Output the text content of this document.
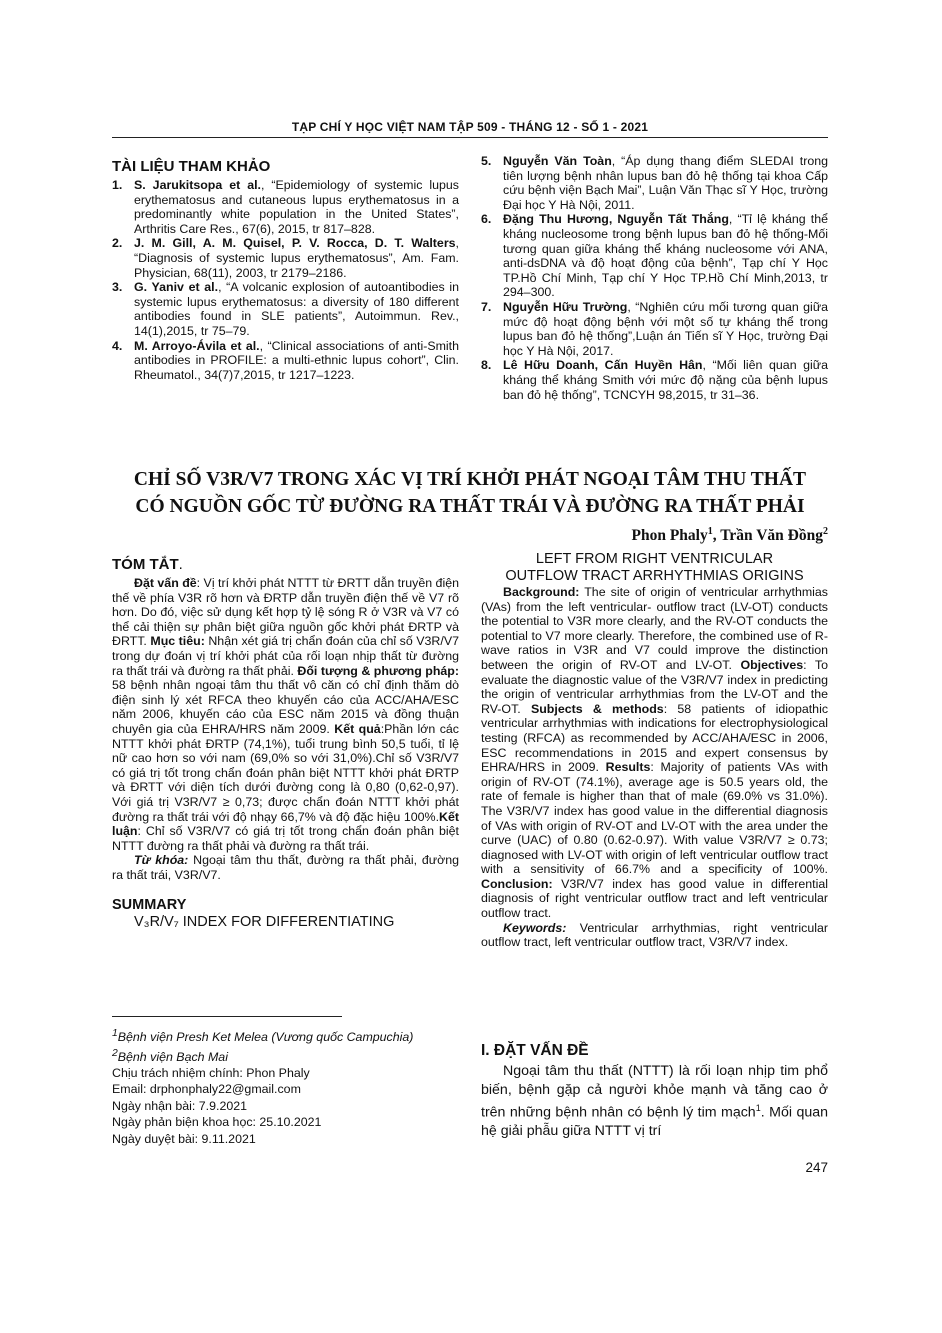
TẠP CHÍ Y HỌC VIỆT NAM TẬP 509 - THÁNG 12 - SỐ 1 - 2021
TÀI LIỆU THAM KHẢO
1. S. Jarukitsopa et al., “Epidemiology of systemic lupus erythematosus and cutaneous lupus erythematosus in a predominantly white population in the United States”, Arthritis Care Res., 67(6), 2015, tr 817–828.
2. J. M. Gill, A. M. Quisel, P. V. Rocca, D. T. Walters, “Diagnosis of systemic lupus erythematosus”, Am. Fam. Physician, 68(11), 2003, tr 2179–2186.
3. G. Yaniv et al., “A volcanic explosion of autoantibodies in systemic lupus erythematosus: a diversity of 180 different antibodies found in SLE patients”, Autoimmun. Rev., 14(1),2015, tr 75–79.
4. M. Arroyo-Ávila et al., “Clinical associations of anti-Smith antibodies in PROFILE: a multi-ethnic lupus cohort”, Clin. Rheumatol., 34(7)7,2015, tr 1217–1223.
5. Nguyễn Văn Toàn, “Áp dụng thang điểm SLEDAI trong tiên lượng bệnh nhân lupus ban đỏ hệ thống tại khoa Cấp cứu bệnh viện Bạch Mai”, Luận Văn Thạc sĩ Y Học, trường Đại học Y Hà Nội, 2011.
6. Đặng Thu Hương, Nguyễn Tất Thắng, “Tỉ lệ kháng thể kháng nucleosome trong bệnh lupus ban đỏ hệ thống-Mối tương quan giữa kháng thể kháng nucleosome với ANA, anti-dsDNA và độ hoạt động của bệnh”, Tạp chí Y Học TP.Hồ Chí Minh, Tạp chí Y Học TP.Hồ Chí Minh,2013, tr 294–300.
7. Nguyễn Hữu Trường, “Nghiên cứu mối tương quan giữa mức độ hoạt động bệnh với một số tự kháng thể trong lupus ban đỏ hệ thống”,Luận án Tiến sĩ Y Học, trường Đại học Y Hà Nội, 2017.
8. Lê Hữu Doanh, Cấn Huyền Hân, “Mối liên quan giữa kháng thể kháng Smith với mức độ nặng của bệnh lupus ban đỏ hệ thống”, TCNCYH 98,2015, tr 31–36.
CHỈ SỐ V3R/V7 TRONG XÁC VỊ TRÍ KHỞI PHÁT NGOẠI TÂM THU THẤT
CÓ NGUỒN GỐC TỪ ĐƯỜNG RA THẤT TRÁI VÀ ĐƯỜNG RA THẤT PHẢI
Phon Phaly$^1$, Trần Văn Đồng$^2$
TÓM TẮT.

Đặt vấn đề: Vị trí khởi phát NTTT từ ĐRTT dẫn truyền điện thế về phía V3R rõ hơn và ĐRTP dẫn truyền điện thế về V7 rõ hơn. Do đó, việc sử dụng kết hợp tỷ lệ sóng R ở V3R và V7 có thể cải thiện sự phân biệt giữa nguồn gốc khởi phát ĐRTP và ĐRTT. Mục tiêu: Nhận xét giá trị chẩn đoán của chỉ số V3R/V7 trong dự đoán vị trí khởi phát của rối loạn nhịp thất từ đường ra thất trái và đường ra thất phải. Đối tượng & phương pháp: 58 bệnh nhân ngoại tâm thu thất vô căn có chỉ định thăm dò điện sinh lý xét RFCA theo khuyến cáo của ACC/AHA/ESC năm 2006, khuyến cáo của ESC năm 2015 và đồng thuận chuyên gia của EHRA/HRS năm 2009. Kết quả:Phần lớn các NTTT khởi phát ĐRTP (74,1%), tuổi trung bình 50,5 tuổi, tỉ lệ nữ cao hơn so với nam (69,0% so với 31,0%).Chỉ số V3R/V7 có giá trị tốt trong chẩn đoán phân biệt NTTT khởi phát ĐRTP và ĐRTT với diện tích dưới đường cong là 0,80 (0,62-0,97). Với giá trị V3R/V7 ≥ 0,73; được chẩn đoán NTTT khởi phát đường ra thất trái với độ nhạy 66,7% và độ đặc hiệu 100%.Kết luận: Chỉ số V3R/V7 có giá trị tốt trong chẩn đoán phân biệt NTTT đường ra thất phải và đường ra thất trái.

Từ khóa: Ngoại tâm thu thất, đường ra thất phải, đường ra thất trái, V3R/V7.

SUMMARY
V₃R/V₇ INDEX FOR DIFFERENTIATING
LEFT FROM RIGHT VENTRICULAR
OUTFLOW TRACT ARRHYTHMIAS ORIGINS

Background: The site of origin of ventricular arrhythmias (VAs) from the left ventricular- outflow tract (LV-OT) conducts the potential to V3R more clearly, and the RV-OT conducts the potential to V7 more clearly. Therefore, the combined use of R-wave ratios in V3R and V7 could improve the distinction between the origin of RV-OT and LV-OT. Objectives: To evaluate the diagnostic value of the V3R/V7 index in predicting the origin of ventricular arrhythmias from the LV-OT and the RV-OT. Subjects & methods: 58 patients of idiopathic ventricular arrhythmias with indications for electrophysiological testing (RFCA) as recommended by ACC/AHA/ESC in 2006, ESC recommendations in 2015 and expert consensus by EHRA/HRS in 2009. Results: Majority of patients VAs with origin of RV-OT (74.1%), average age is 50.5 years old, the rate of female is higher than that of male (69.0% vs 31.0%). The V3R/V7 index has good value in the differential diagnosis of VAs with origin of RV-OT and LV-OT with the area under the curve (UAC) of 0.80 (0.62-0.97). With value V3R/V7 ≥ 0.73; diagnosed with LV-OT with origin of left ventricular outflow tract with a sensitivity of 66.7% and a specificity of 100%. Conclusion: V3R/V7 index has good value in differential diagnosis of right ventricular outflow tract and left ventricular outflow tract.

Keywords: Ventricular arrhythmias, right ventricular outflow tract, left ventricular outflow tract, V3R/V7 index.

$^1$Bệnh viện Presh Ket Melea (Vương quốc Campuchia)
$^2$Bệnh viện Bạch Mai
Chịu trách nhiệm chính: Phon Phaly
Email: drphonphaly22@gmail.com
Ngày nhận bài: 7.9.2021
Ngày phản biện khoa học: 25.10.2021
Ngày duyệt bài: 9.11.2021
I. ĐẶT VẤN ĐỀ

Ngoại tâm thu thất (NTTT) là rối loạn nhịp tim phổ biến, bệnh gặp cả người khỏe mạnh và tăng cao ở trên những bệnh nhân có bệnh lý tim mạch$^1$. Mối quan hệ giải phẫu giữa NTTT vị trí

247
